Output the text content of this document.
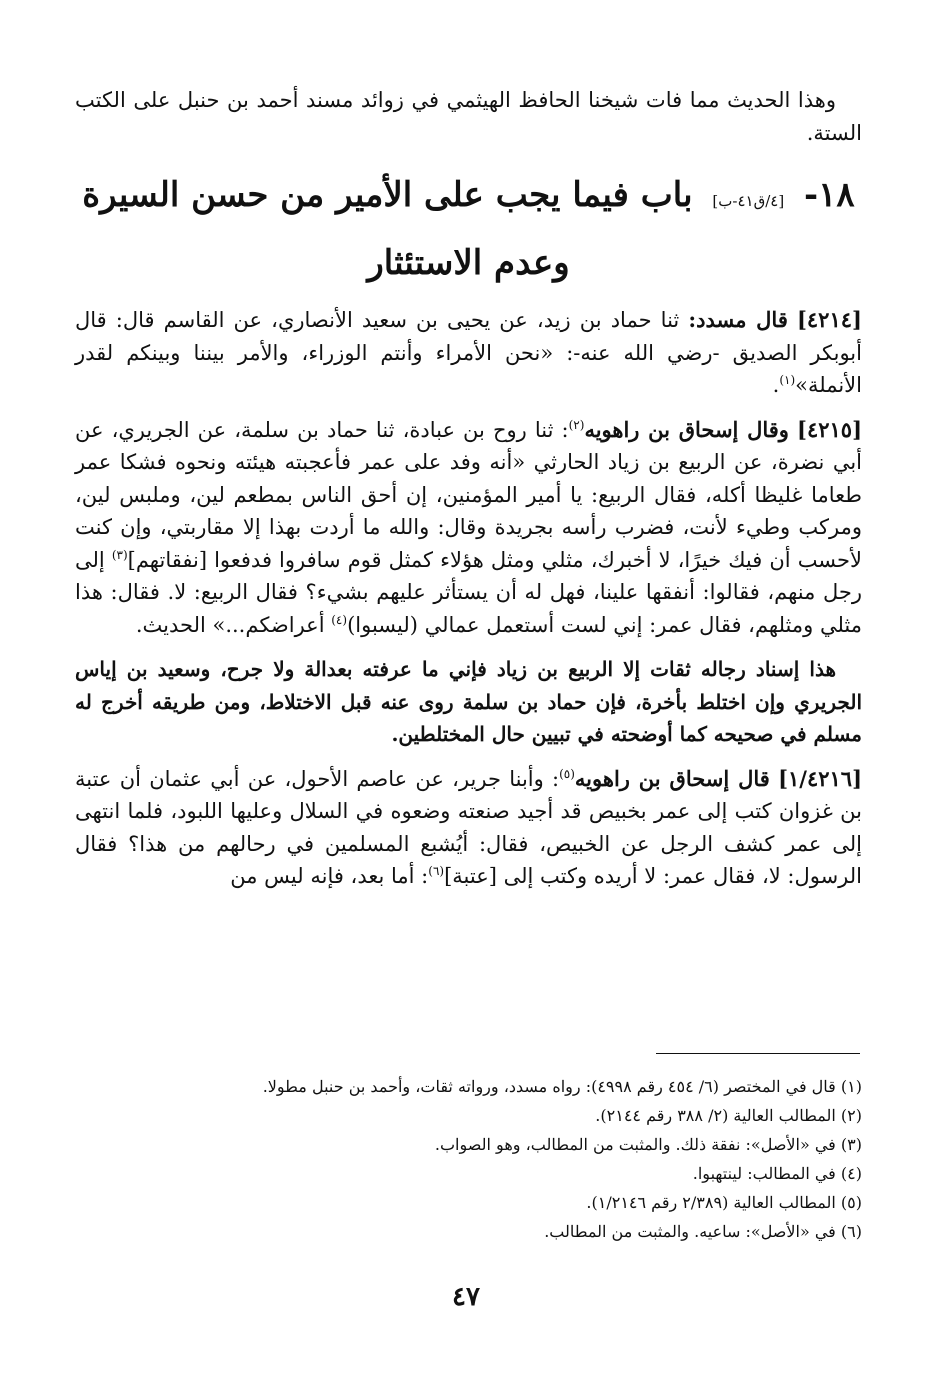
وهذا الحديث مما فات شيخنا الحافظ الهيثمي في زوائد مسند أحمد بن حنبل على الكتب الستة.

١٨- [٤/ق٤١-ب] باب فيما يجب على الأمير من حسن السيرة وعدم الاستئثار

[٤٢١٤] قال مسدد: ثنا حماد بن زيد، عن يحيى بن سعيد الأنصاري، عن القاسم قال: قال أبوبكر الصديق -رضي الله عنه-: «نحن الأمراء وأنتم الوزراء، والأمر بيننا وبينكم لقدر الأنملة»$^{(١)}$.

[٤٢١٥] وقال إسحاق بن راهويه$^{(٢)}$: ثنا روح بن عبادة، ثنا حماد بن سلمة، عن الجريري، عن أبي نضرة، عن الربيع بن زياد الحارثي «أنه وفد على عمر فأعجبته هيئته ونحوه فشكا عمر طعاما غليظا أكله، فقال الربيع: يا أمير المؤمنين، إن أحق الناس بمطعم لين، وملبس لين، ومركب وطيء لأنت، فضرب رأسه بجريدة وقال: والله ما أردت بهذا إلا مقاربتي، وإن كنت لأحسب أن فيك خيرًا، لا أخبرك، مثلي ومثل هؤلاء كمثل قوم سافروا فدفعوا [نفقاتهم]$^{(٣)}$ إلى رجل منهم، فقالوا: أنفقها علينا، فهل له أن يستأثر عليهم بشيء؟ فقال الربيع: لا. فقال: هذا مثلي ومثلهم، فقال عمر: إني لست أستعمل عمالي (ليسبوا)$^{(٤)}$ أعراضكم...» الحديث.

هذا إسناد رجاله ثقات إلا الربيع بن زياد فإني ما عرفته بعدالة ولا جرح، وسعيد بن إياس الجريري وإن اختلط بأخرة، فإن حماد بن سلمة روى عنه قبل الاختلاط، ومن طريقه أخرج له مسلم في صحيحه كما أوضحته في تبيين حال المختلطين.

[١/٤٢١٦] قال إسحاق بن راهويه$^{(٥)}$: وأبنا جرير، عن عاصم الأحول، عن أبي عثمان أن عتبة بن غزوان كتب إلى عمر بخبيص قد أجيد صنعته وضعوه في السلال وعليها اللبود، فلما انتهى إلى عمر كشف الرجل عن الخبيص، فقال: أيُشبع المسلمين في رحالهم من هذا؟ فقال الرسول: لا، فقال عمر: لا أريده وكتب إلى [عتبة]$^{(٦)}$: أما بعد، فإنه ليس من

(١) قال في المختصر (٦/ ٤٥٤ رقم ٤٩٩٨): رواه مسدد، ورواته ثقات، وأحمد بن حنبل مطولا.

(٢) المطالب العالية (٢/ ٣٨٨ رقم ٢١٤٤).

(٣) في «الأصل»: نفقة ذلك. والمثبت من المطالب، وهو الصواب.

(٤) في المطالب: لينتهبوا.

(٥) المطالب العالية (٢/٣٨٩ رقم ١/٢١٤٦).

(٦) في «الأصل»: ساعيه. والمثبت من المطالب.

٤٧
